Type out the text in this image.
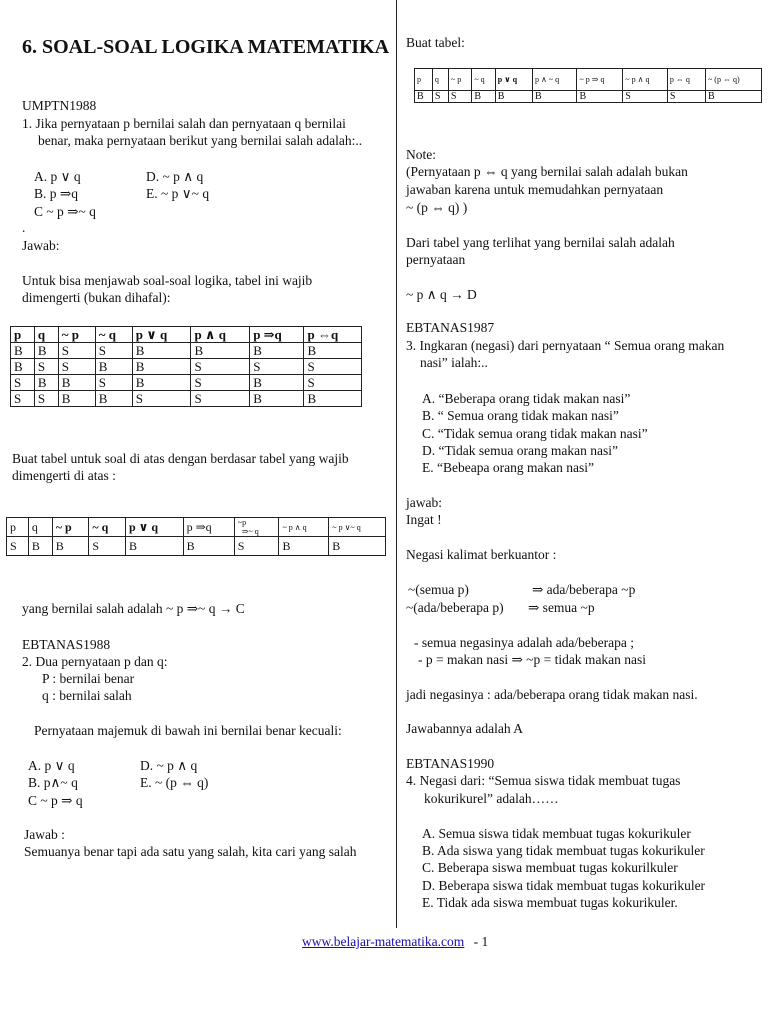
6. SOAL-SOAL LOGIKA MATEMATIKA
UMPTN1988
1. Jika pernyataan p bernilai salah dan pernyataan q bernilai
benar, maka pernyataan berikut yang bernilai salah adalah:..
A. p ∨ q	D. ~ p ∧ q
B. p ⇒q	E. ~ p ∨~ q
C ~ p ⇒~ q
.
Jawab:
Untuk bisa menjawab soal-soal logika, tabel ini wajib
dimengerti (bukan dihafal):
p	q	~ p	~ q	p ∨ q	p ∧ q	p ⇒q	p ⇔q
B	B	S	S	B	B	B	B
B	S	S	B	B	S	S	S
S	B	B	S	B	S	B	S
S	S	B	B	S	S	B	B
Buat tabel untuk soal di atas dengan berdasar tabel yang wajib
dimengerti di atas :
p	q	~ p	~ q	p ∨ q	p ⇒q	~p
⇒~ q	~ p ∧ q	~ p ∨~ q
S	B	B	S	B	B	S	B	B
yang bernilai salah adalah ~ p ⇒~ q → C
EBTANAS1988
2. Dua pernyataan p dan q:
P : bernilai benar
q : bernilai salah
Pernyataan majemuk di bawah ini bernilai benar kecuali:
A. p ∨ q	D. ~ p ∧ q
B. p∧~ q	E. ~ (p ⇔ q)
C ~ p ⇒ q
Jawab :
Semuanya benar tapi ada satu yang salah, kita cari yang salah
Buat tabel:
p	q	~ p	~ q	p ∨ q	p ∧ ~ q	~ p ⇒ q	~ p ∧ q	p ⇔ q	~ (p ⇔ q)
B	S	S	B	B	B	B	S	S	B
Note:
(Pernyataan p ⇔ q yang bernilai salah adalah bukan
jawaban karena untuk memudahkan pernyataan
~ (p ⇔ q) )
Dari tabel yang terlihat yang bernilai salah adalah
pernyataan
~ p ∧ q → D
EBTANAS1987
3. Ingkaran (negasi) dari pernyataan “ Semua orang makan
nasi” ialah:..
A. “Beberapa orang tidak makan nasi”
B. “ Semua orang tidak makan nasi”
C. “Tidak semua orang tidak makan nasi”
D. “Tidak semua orang makan nasi”
E. “Bebeapa orang makan nasi”
jawab:
Ingat !
Negasi kalimat berkuantor :
~(semua p)	⇒ ada/beberapa ~p
~(ada/beberapa p) ⇒ semua ~p
- semua negasinya adalah ada/beberapa ;
- p = makan nasi ⇒ ~p = tidak makan nasi
jadi negasinya : ada/beberapa orang tidak makan nasi.
Jawabannya adalah A
EBTANAS1990
4. Negasi dari: “Semua siswa tidak membuat tugas
kokurikurel” adalah……
A. Semua siswa tidak membuat tugas kokurikuler
B. Ada siswa yang tidak membuat tugas kokurikuler
C. Beberapa siswa membuat tugas kokurilkuler
D. Beberapa siswa tidak membuat tugas kokurikuler
E. Tidak ada siswa membuat tugas kokurikuler.
www.belajar-matematika.com - 1
